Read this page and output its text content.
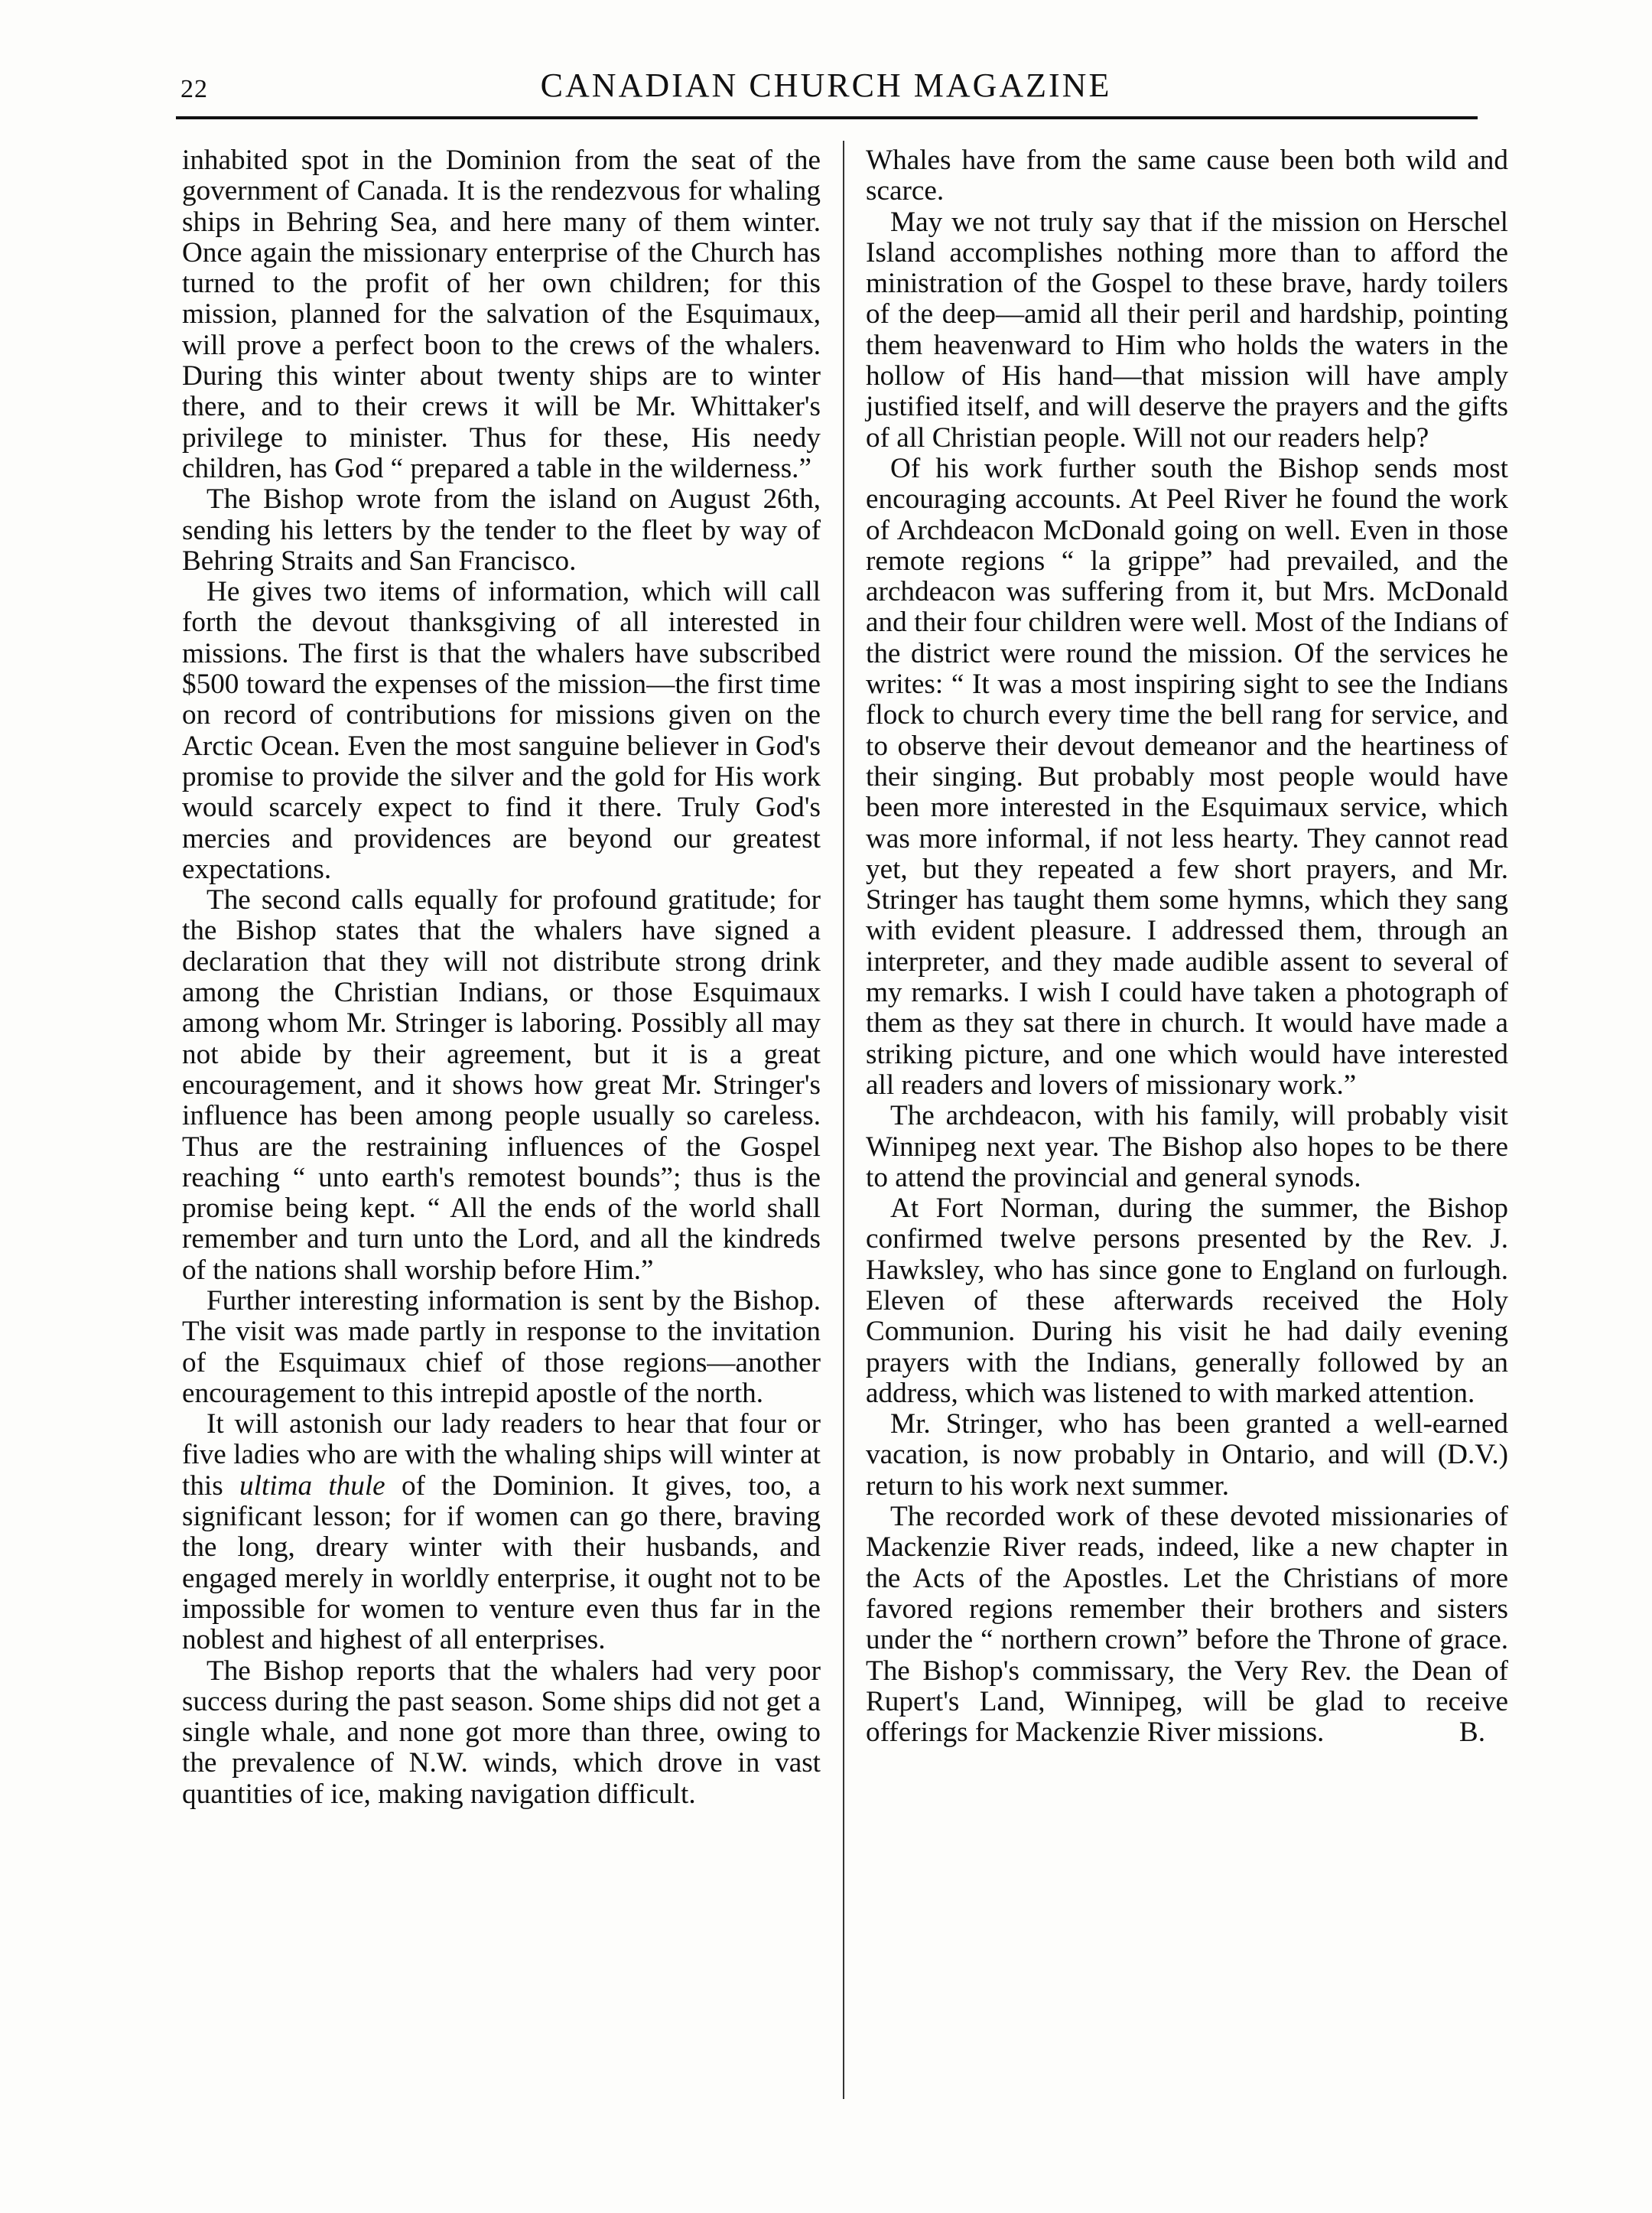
22	CANADIAN CHURCH MAGAZINE

inhabited spot in the Dominion from the seat of the government of Canada. It is the rendezvous for whaling ships in Behring Sea, and here many of them winter. Once again the missionary enterprise of the Church has turned to the profit of her own children; for this mission, planned for the salvation of the Esquimaux, will prove a perfect boon to the crews of the whalers. During this winter about twenty ships are to winter there, and to their crews it will be Mr. Whittaker's privilege to minister. Thus for these, His needy children, has God “ prepared a table in the wilderness.”

The Bishop wrote from the island on August 26th, sending his letters by the tender to the fleet by way of Behring Straits and San Francisco.

He gives two items of information, which will call forth the devout thanksgiving of all interested in missions. The first is that the whalers have subscribed $500 toward the expenses of the mission—the first time on record of contributions for missions given on the Arctic Ocean. Even the most sanguine believer in God's promise to provide the silver and the gold for His work would scarcely expect to find it there. Truly God's mercies and providences are beyond our greatest expectations.

The second calls equally for profound gratitude; for the Bishop states that the whalers have signed a declaration that they will not distribute strong drink among the Christian Indians, or those Esquimaux among whom Mr. Stringer is laboring. Possibly all may not abide by their agreement, but it is a great encouragement, and it shows how great Mr. Stringer's influence has been among people usually so careless. Thus are the restraining influences of the Gospel reaching “ unto earth's remotest bounds”; thus is the promise being kept. “ All the ends of the world shall remember and turn unto the Lord, and all the kindreds of the nations shall worship before Him.”

Further interesting information is sent by the Bishop. The visit was made partly in response to the invitation of the Esquimaux chief of those regions—another encouragement to this intrepid apostle of the north.

It will astonish our lady readers to hear that four or five ladies who are with the whaling ships will winter at this ultima thule of the Dominion. It gives, too, a significant lesson; for if women can go there, braving the long, dreary winter with their husbands, and engaged merely in worldly enterprise, it ought not to be impossible for women to venture even thus far in the noblest and highest of all enterprises.

The Bishop reports that the whalers had very poor success during the past season. Some ships did not get a single whale, and none got more than three, owing to the prevalence of N.W. winds, which drove in vast quantities of ice, making navigation difficult.

Whales have from the same cause been both wild and scarce.

May we not truly say that if the mission on Herschel Island accomplishes nothing more than to afford the ministration of the Gospel to these brave, hardy toilers of the deep—amid all their peril and hardship, pointing them heavenward to Him who holds the waters in the hollow of His hand—that mission will have amply justified itself, and will deserve the prayers and the gifts of all Christian people. Will not our readers help?

Of his work further south the Bishop sends most encouraging accounts. At Peel River he found the work of Archdeacon McDonald going on well. Even in those remote regions “ la grippe” had prevailed, and the archdeacon was suffering from it, but Mrs. McDonald and their four children were well. Most of the Indians of the district were round the mission. Of the services he writes: “ It was a most inspiring sight to see the Indians flock to church every time the bell rang for service, and to observe their devout demeanor and the heartiness of their singing. But probably most people would have been more interested in the Esquimaux service, which was more informal, if not less hearty. They cannot read yet, but they repeated a few short prayers, and Mr. Stringer has taught them some hymns, which they sang with evident pleasure. I addressed them, through an interpreter, and they made audible assent to several of my remarks. I wish I could have taken a photograph of them as they sat there in church. It would have made a striking picture, and one which would have interested all readers and lovers of missionary work.”

The archdeacon, with his family, will probably visit Winnipeg next year. The Bishop also hopes to be there to attend the provincial and general synods.

At Fort Norman, during the summer, the Bishop confirmed twelve persons presented by the Rev. J. Hawksley, who has since gone to England on furlough. Eleven of these afterwards received the Holy Communion. During his visit he had daily evening prayers with the Indians, generally followed by an address, which was listened to with marked attention.

Mr. Stringer, who has been granted a well-earned vacation, is now probably in Ontario, and will (D.V.) return to his work next summer.

The recorded work of these devoted missionaries of Mackenzie River reads, indeed, like a new chapter in the Acts of the Apostles. Let the Christians of more favored regions remember their brothers and sisters under the “ northern crown” before the Throne of grace. The Bishop's commissary, the Very Rev. the Dean of Rupert's Land, Winnipeg, will be glad to receive offerings for Mackenzie River missions.	B.
